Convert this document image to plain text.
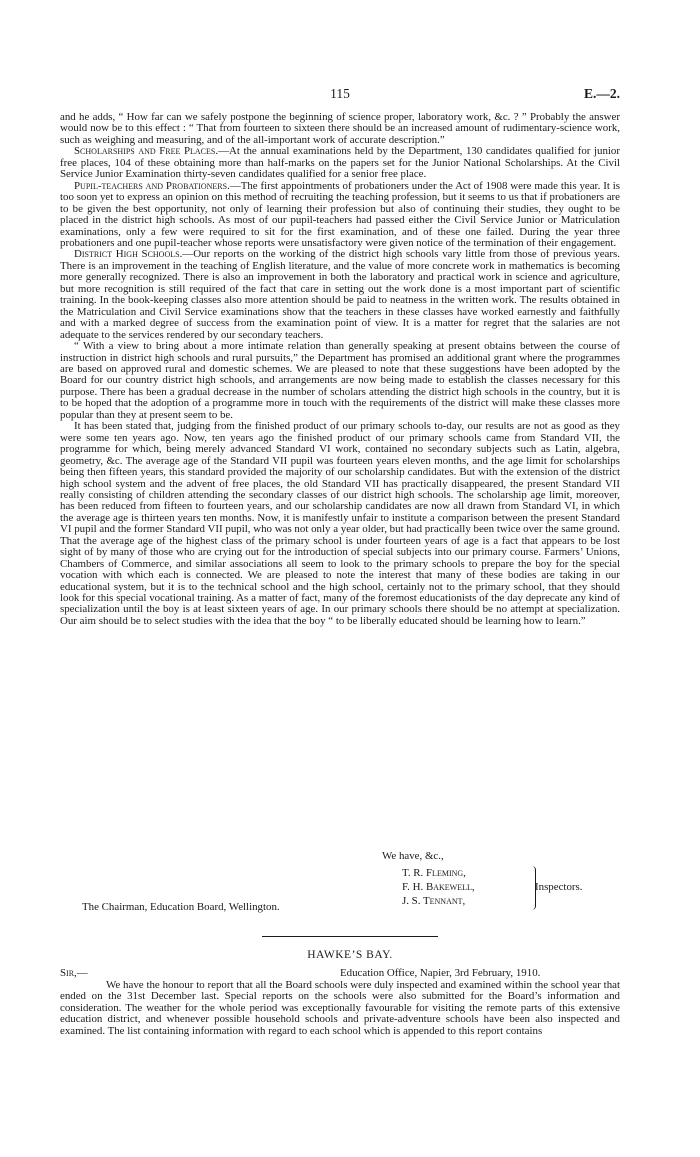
115	E.—2.

and he adds, “ How far can we safely postpone the beginning of science proper, laboratory work, &c. ? ” Probably the answer would now be to this effect : “ That from fourteen to sixteen there should be an increased amount of rudimentary-science work, such as weighing and measuring, and of the all-important work of accurate description.”

Scholarships and Free Places.—At the annual examinations held by the Department, 130 candidates qualified for junior free places, 104 of these obtaining more than half-marks on the papers set for the Junior National Scholarships. At the Civil Service Junior Examination thirty-seven candidates qualified for a senior free place.

Pupil-teachers and Probationers.—The first appointments of probationers under the Act of 1908 were made this year. It is too soon yet to express an opinion on this method of recruiting the teaching profession, but it seems to us that if probationers are to be given the best opportunity, not only of learning their profession but also of continuing their studies, they ought to be placed in the district high schools. As most of our pupil-teachers had passed either the Civil Service Junior or Matriculation examinations, only a few were required to sit for the first examination, and of these one failed. During the year three probationers and one pupil-teacher whose reports were unsatisfactory were given notice of the termination of their engagement.

District High Schools.—Our reports on the working of the district high schools vary little from those of previous years. There is an improvement in the teaching of English literature, and the value of more concrete work in mathematics is becoming more generally recognized. There is also an improvement in both the laboratory and practical work in science and agriculture, but more recognition is still required of the fact that care in setting out the work done is a most important part of scientific training. In the book-keeping classes also more attention should be paid to neatness in the written work. The results obtained in the Matriculation and Civil Service examinations show that the teachers in these classes have worked earnestly and faithfully and with a marked degree of success from the examination point of view. It is a matter for regret that the salaries are not adequate to the services rendered by our secondary teachers.

“ With a view to bring about a more intimate relation than generally speaking at present obtains between the course of instruction in district high schools and rural pursuits,” the Department has promised an additional grant where the programmes are based on approved rural and domestic schemes. We are pleased to note that these suggestions have been adopted by the Board for our country district high schools, and arrangements are now being made to establish the classes necessary for this purpose. There has been a gradual decrease in the number of scholars attending the district high schools in the country, but it is to be hoped that the adoption of a programme more in touch with the requirements of the district will make these classes more popular than they at present seem to be.

It has been stated that, judging from the finished product of our primary schools to-day, our results are not as good as they were some ten years ago. Now, ten years ago the finished product of our primary schools came from Standard VII, the programme for which, being merely advanced Standard VI work, contained no secondary subjects such as Latin, algebra, geometry, &c. The average age of the Standard VII pupil was fourteen years eleven months, and the age limit for scholarships being then fifteen years, this standard provided the majority of our scholarship candidates. But with the extension of the district high school system and the advent of free places, the old Standard VII has practically disappeared, the present Standard VII really consisting of children attending the secondary classes of our district high schools. The scholarship age limit, moreover, has been reduced from fifteen to fourteen years, and our scholarship candidates are now all drawn from Standard VI, in which the average age is thirteen years ten months. Now, it is manifestly unfair to institute a comparison between the present Standard VI pupil and the former Standard VII pupil, who was not only a year older, but had practically been twice over the same ground. That the average age of the highest class of the primary school is under fourteen years of age is a fact that appears to be lost sight of by many of those who are crying out for the introduction of special subjects into our primary course. Farmers’ Unions, Chambers of Commerce, and similar associations all seem to look to the primary schools to prepare the boy for the special vocation with which each is connected. We are pleased to note the interest that many of these bodies are taking in our educational system, but it is to the technical school and the high school, certainly not to the primary school, that they should look for this special vocational training. As a matter of fact, many of the foremost educationists of the day deprecate any kind of specialization until the boy is at least sixteen years of age. In our primary schools there should be no attempt at specialization. Our aim should be to select studies with the idea that the boy “ to be liberally educated should be learning how to learn.”

We have, &c.,
T. R. Fleming,
F. H. Bakewell,
J. S. Tennant,
Inspectors.
The Chairman, Education Board, Wellington.
HAWKE’S BAY.
Sir,—	Education Office, Napier, 3rd February, 1910.

We have the honour to report that all the Board schools were duly inspected and examined within the school year that ended on the 31st December last. Special reports on the schools were also submitted for the Board’s information and consideration. The weather for the whole period was exceptionally favourable for visiting the remote parts of this extensive education district, and whenever possible household schools and private-adventure schools have been also inspected and examined. The list containing information with regard to each school which is appended to this report contains
